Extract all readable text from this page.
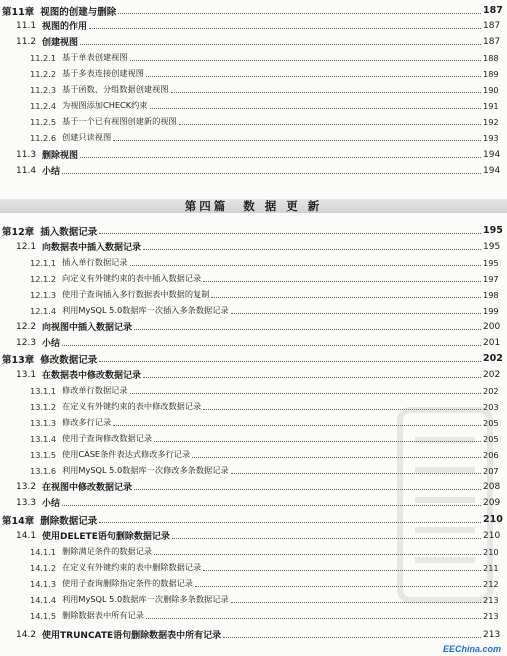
第11章 视图的创建与删除	187
11.1 视图的作用	187
11.2 创建视图	187
11.2.1 基于单表创建视图	188
11.2.2 基于多表连接创建视图	189
11.2.3 基于函数、分组数据创建视图	190
11.2.4 为视图添加CHECK约束	191
11.2.5 基于一个已有视图创建新的视图	192
11.2.6 创建只读视图	193
11.3 删除视图	194
11.4 小结	194
第12章 插入数据记录	195
12.1 向数据表中插入数据记录	195
12.1.1 插入单行数据记录	195
12.1.2 向定义有外键约束的表中插入数据记录	197
12.1.3 使用子查询插入多行数据表中数据的复制	198
12.1.4 利用MySQL 5.0数据库一次插入多条数据记录	199
12.2 向视图中插入数据记录	200
12.3 小结	201
第13章 修改数据记录	202
13.1 在数据表中修改数据记录	202
13.1.1 修改单行数据记录	202
13.1.2 在定义有外键约束的表中修改数据记录	203
13.1.3 修改多行记录	205
13.1.4 使用子查询修改数据记录	205
13.1.5 使用CASE条件表达式修改多行记录	206
13.1.6 利用MySQL 5.0数据库一次修改多条数据记录	207
13.2 在视图中修改数据记录	208
13.3 小结	209
第14章 删除数据记录	210
14.1 使用DELETE语句删除数据记录	210
14.1.1 删除满足条件的数据记录	210
14.1.2 在定义有外键约束的表中删除数据记录	211
14.1.3 使用子查询删除指定条件的数据记录	212
14.1.4 利用MySQL 5.0数据库一次删除多条数据记录	213
14.1.5 删除数据表中所有记录	213
14.2 使用TRUNCATE语句删除数据表中所有记录	213
第四篇 数 据 更 新
EEChina.com
